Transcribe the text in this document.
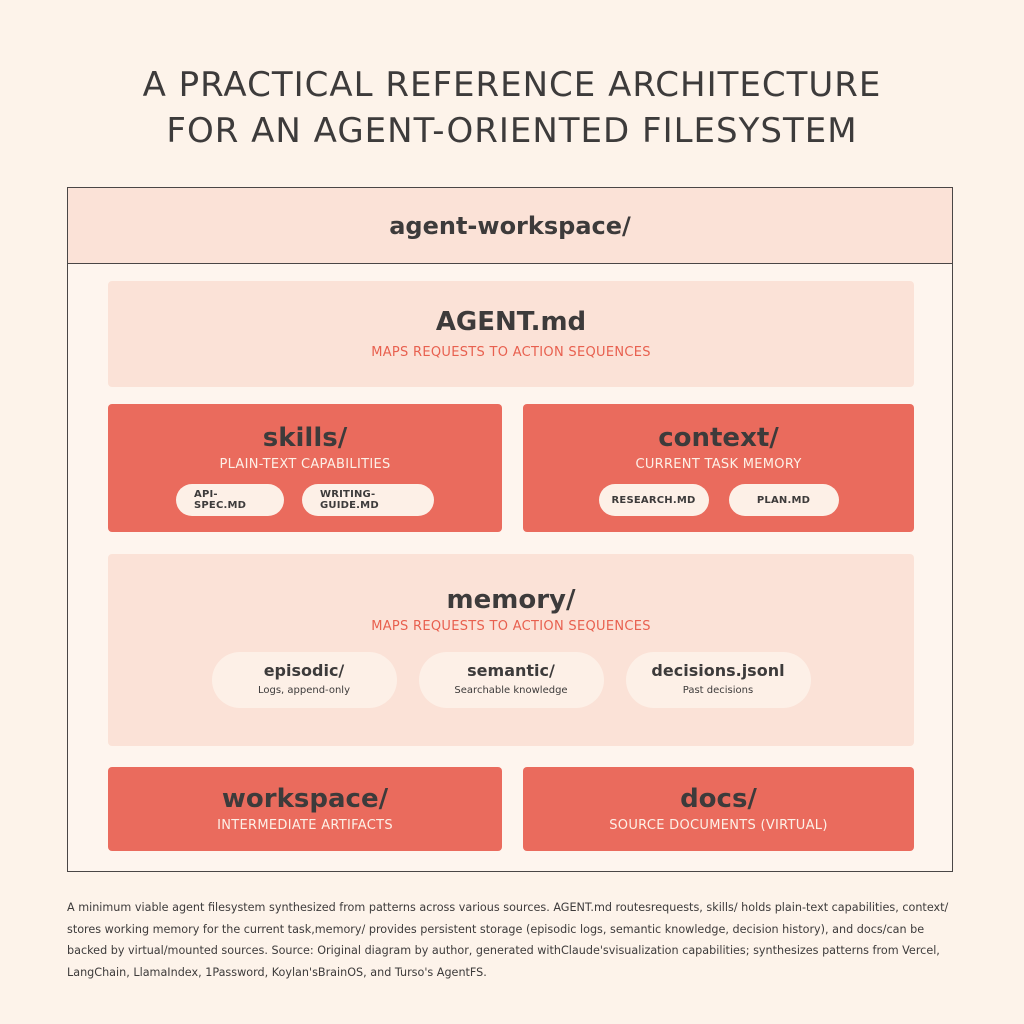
A PRACTICAL REFERENCE ARCHITECTURE
FOR AN AGENT-ORIENTED FILESYSTEM
agent-workspace/
AGENT.md
MAPS REQUESTS TO ACTION SEQUENCES
skills/
PLAIN-TEXT CAPABILITIES
API-SPEC.MD
WRITING-GUIDE.MD
context/
CURRENT TASK MEMORY
RESEARCH.MD	PLAN.MD
memory/
MAPS REQUESTS TO ACTION SEQUENCES
episodic/
Logs, append-only
semantic/
Searchable knowledge
decisions.jsonl
Past decisions
workspace/
INTERMEDIATE ARTIFACTS
docs/
SOURCE DOCUMENTS (VIRTUAL)
A minimum viable agent filesystem synthesized from patterns across various sources. AGENT.md routesrequests, skills/ holds plain-text capabilities, context/ stores working memory for the current task,memory/ provides persistent storage (episodic logs, semantic knowledge, decision history), and docs/can be backed by virtual/mounted sources. Source: Original diagram by author, generated withClaude'svisualization capabilities; synthesizes patterns from Vercel, LangChain, LlamaIndex, 1Password, Koylan'sBrainOS, and Turso's AgentFS.
